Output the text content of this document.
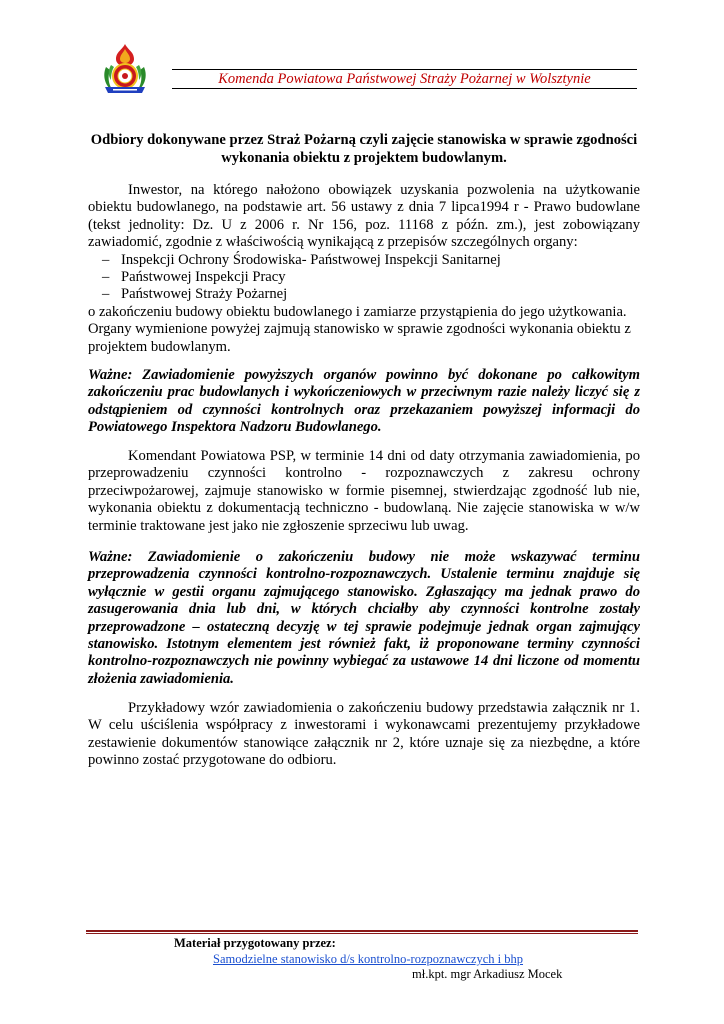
Komenda Powiatowa Państwowej Straży Pożarnej w Wolsztynie
Odbiory dokonywane przez Straż Pożarną czyli zajęcie stanowiska w sprawie zgodności wykonania obiektu z projektem budowlanym.
Inwestor, na którego nałożono obowiązek uzyskania pozwolenia na użytkowanie obiektu budowlanego, na podstawie art. 56 ustawy z dnia 7 lipca1994 r - Prawo budowlane (tekst jednolity: Dz. U z 2006 r. Nr 156, poz. 11168 z późn. zm.), jest zobowiązany zawiadomić, zgodnie z właściwością wynikającą z przepisów szczególnych organy:
– Inspekcji Ochrony Środowiska- Państwowej Inspekcji Sanitarnej
– Państwowej Inspekcji Pracy
– Państwowej Straży Pożarnej
o zakończeniu budowy obiektu budowlanego i zamiarze przystąpienia do jego użytkowania. Organy wymienione powyżej zajmują stanowisko w sprawie zgodności wykonania obiektu z projektem budowlanym.
Ważne: Zawiadomienie powyższych organów powinno być dokonane po całkowitym zakończeniu prac budowlanych i wykończeniowych w przeciwnym razie należy liczyć się z odstąpieniem od czynności kontrolnych oraz przekazaniem powyższej informacji do Powiatowego Inspektora Nadzoru Budowlanego.
Komendant Powiatowa PSP, w terminie 14 dni od daty otrzymania zawiadomienia, po przeprowadzeniu czynności kontrolno - rozpoznawczych z zakresu ochrony przeciwpożarowej, zajmuje stanowisko w formie pisemnej, stwierdzając zgodność lub nie, wykonania obiektu z dokumentacją techniczno - budowlaną. Nie zajęcie stanowiska w w/w terminie traktowane jest jako nie zgłoszenie sprzeciwu lub uwag.
Ważne: Zawiadomienie o zakończeniu budowy nie może wskazywać terminu przeprowadzenia czynności kontrolno-rozpoznawczych. Ustalenie terminu znajduje się wyłącznie w gestii organu zajmującego stanowisko. Zgłaszający ma jednak prawo do zasugerowania dnia lub dni, w których chciałby aby czynności kontrolne zostały przeprowadzone – ostateczną decyzję w tej sprawie podejmuje jednak organ zajmujący stanowisko. Istotnym elementem jest również fakt, iż proponowane terminy czynności kontrolno-rozpoznawczych nie powinny wybiegać za ustawowe 14 dni liczone od momentu złożenia zawiadomienia.
Przykładowy wzór zawiadomienia o zakończeniu budowy przedstawia załącznik nr 1. W celu uściślenia współpracy z inwestorami i wykonawcami prezentujemy przykładowe zestawienie dokumentów stanowiące załącznik nr 2, które uznaje się za niezbędne, a które powinno zostać przygotowane do odbioru.
Materiał przygotowany przez:
Samodzielne stanowisko d/s kontrolno-rozpoznawczych i bhp
mł.kpt. mgr Arkadiusz Mocek
